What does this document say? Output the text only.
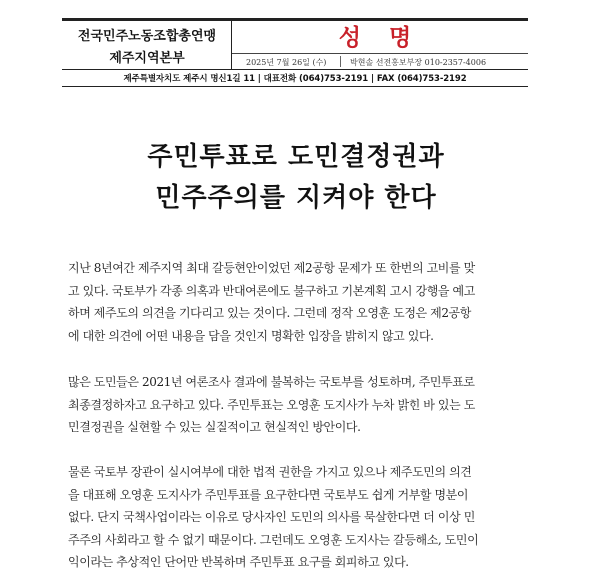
전국민주노동조합총연맹
제주지역본부
성 명
2025년 7월 26일 (수)	박현솔 선전홍보부장 010-2357-4006
제주특별자치도 제주시 명신1길 11 | 대표전화 (064)753-2191 | FAX (064)753-2192
주민투표로 도민결정권과
민주주의를 지켜야 한다
지난 8년여간 제주지역 최대 갈등현안이었던 제2공항 문제가 또 한번의 고비를 맞
고 있다. 국토부가 각종 의혹과 반대여론에도 불구하고 기본계획 고시 강행을 예고
하며 제주도의 의견을 기다리고 있는 것이다. 그런데 정작 오영훈 도정은 제2공항
에 대한 의견에 어떤 내용을 담을 것인지 명확한 입장을 밝히지 않고 있다.
많은 도민들은 2021년 여론조사 결과에 불복하는 국토부를 성토하며, 주민투표로
최종결정하자고 요구하고 있다. 주민투표는 오영훈 도지사가 누차 밝힌 바 있는 도
민결정권을 실현할 수 있는 실질적이고 현실적인 방안이다.
물론 국토부 장관이 실시여부에 대한 법적 권한을 가지고 있으나 제주도민의 의견
을 대표해 오영훈 도지사가 주민투표를 요구한다면 국토부도 쉽게 거부할 명분이
없다. 단지 국책사업이라는 이유로 당사자인 도민의 의사를 묵살한다면 더 이상 민
주주의 사회라고 할 수 없기 때문이다. 그런데도 오영훈 도지사는 갈등해소, 도민이
익이라는 추상적인 단어만 반복하며 주민투표 요구를 회피하고 있다.
